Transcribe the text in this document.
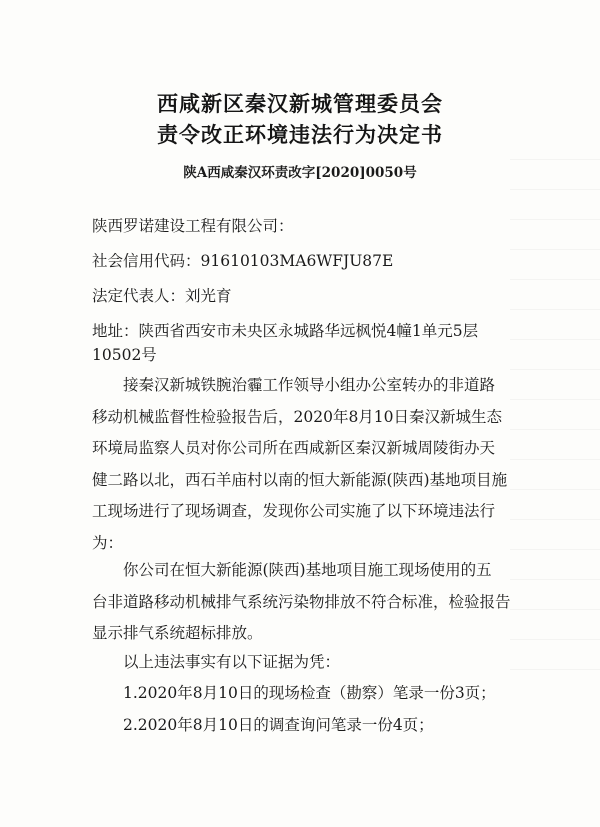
西咸新区秦汉新城管理委员会
责令改正环境违法行为决定书
陕A西咸秦汉环责改字[2020]0050号
陕西罗诺建设工程有限公司：
社会信用代码：91610103MA6WFJU87E
法定代表人：刘光育
地址：陕西省西安市未央区永城路华远枫悦4幢1单元5层
10502号
接秦汉新城铁腕治霾工作领导小组办公室转办的非道路
移动机械监督性检验报告后，2020年8月10日秦汉新城生态
环境局监察人员对你公司所在西咸新区秦汉新城周陵街办天
健二路以北，西石羊庙村以南的恒大新能源(陕西)基地项目施
工现场进行了现场调查，发现你公司实施了以下环境违法行
为：
你公司在恒大新能源(陕西)基地项目施工现场使用的五
台非道路移动机械排气系统污染物排放不符合标准，检验报告
显示排气系统超标排放。
以上违法事实有以下证据为凭：
1.2020年8月10日的现场检查（勘察）笔录一份3页；
2.2020年8月10日的调查询问笔录一份4页；
